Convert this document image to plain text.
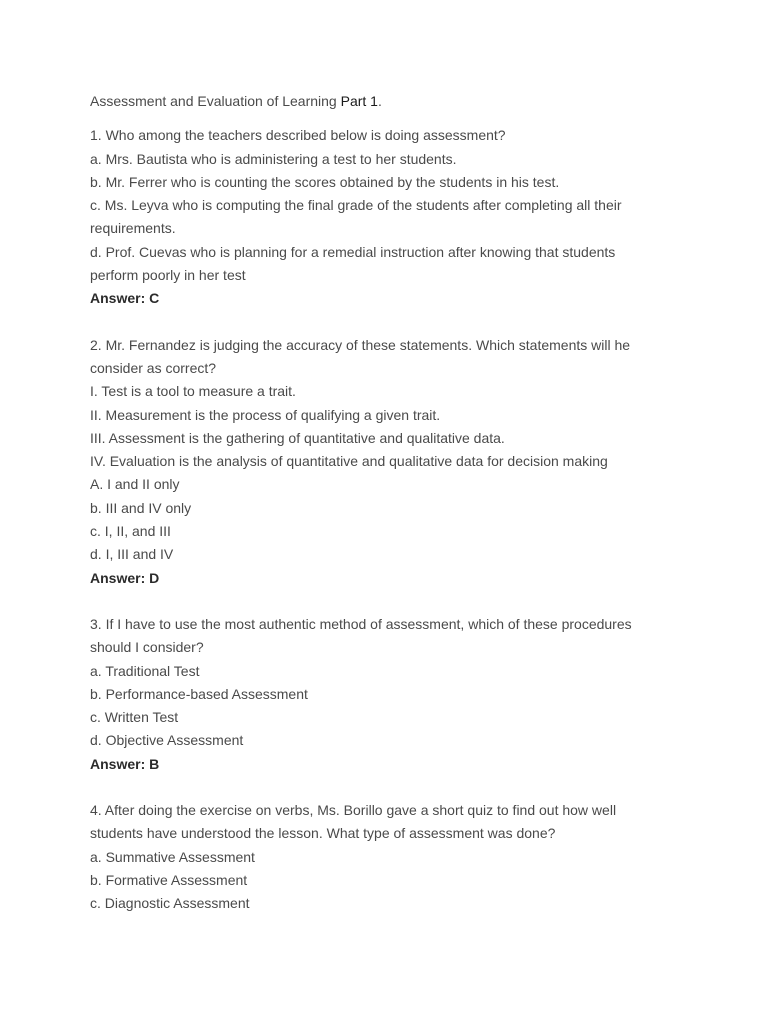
Assessment and Evaluation of Learning Part 1.

1. Who among the teachers described below is doing assessment?
a. Mrs. Bautista who is administering a test to her students.
b. Mr. Ferrer who is counting the scores obtained by the students in his test.
c. Ms. Leyva who is computing the final grade of the students after completing all their
requirements.
d. Prof. Cuevas who is planning for a remedial instruction after knowing that students
perform poorly in her test
Answer: C
2. Mr. Fernandez is judging the accuracy of these statements. Which statements will he
consider as correct?
I. Test is a tool to measure a trait.
II. Measurement is the process of qualifying a given trait.
III. Assessment is the gathering of quantitative and qualitative data.
IV. Evaluation is the analysis of quantitative and qualitative data for decision making
A. I and II only
b. III and IV only
c. I, II, and III
d. I, III and IV
Answer: D
3. If I have to use the most authentic method of assessment, which of these procedures
should I consider?
a. Traditional Test
b. Performance-based Assessment
c. Written Test
d. Objective Assessment
Answer: B
4. After doing the exercise on verbs, Ms. Borillo gave a short quiz to find out how well
students have understood the lesson. What type of assessment was done?
a. Summative Assessment
b. Formative Assessment
c. Diagnostic Assessment
